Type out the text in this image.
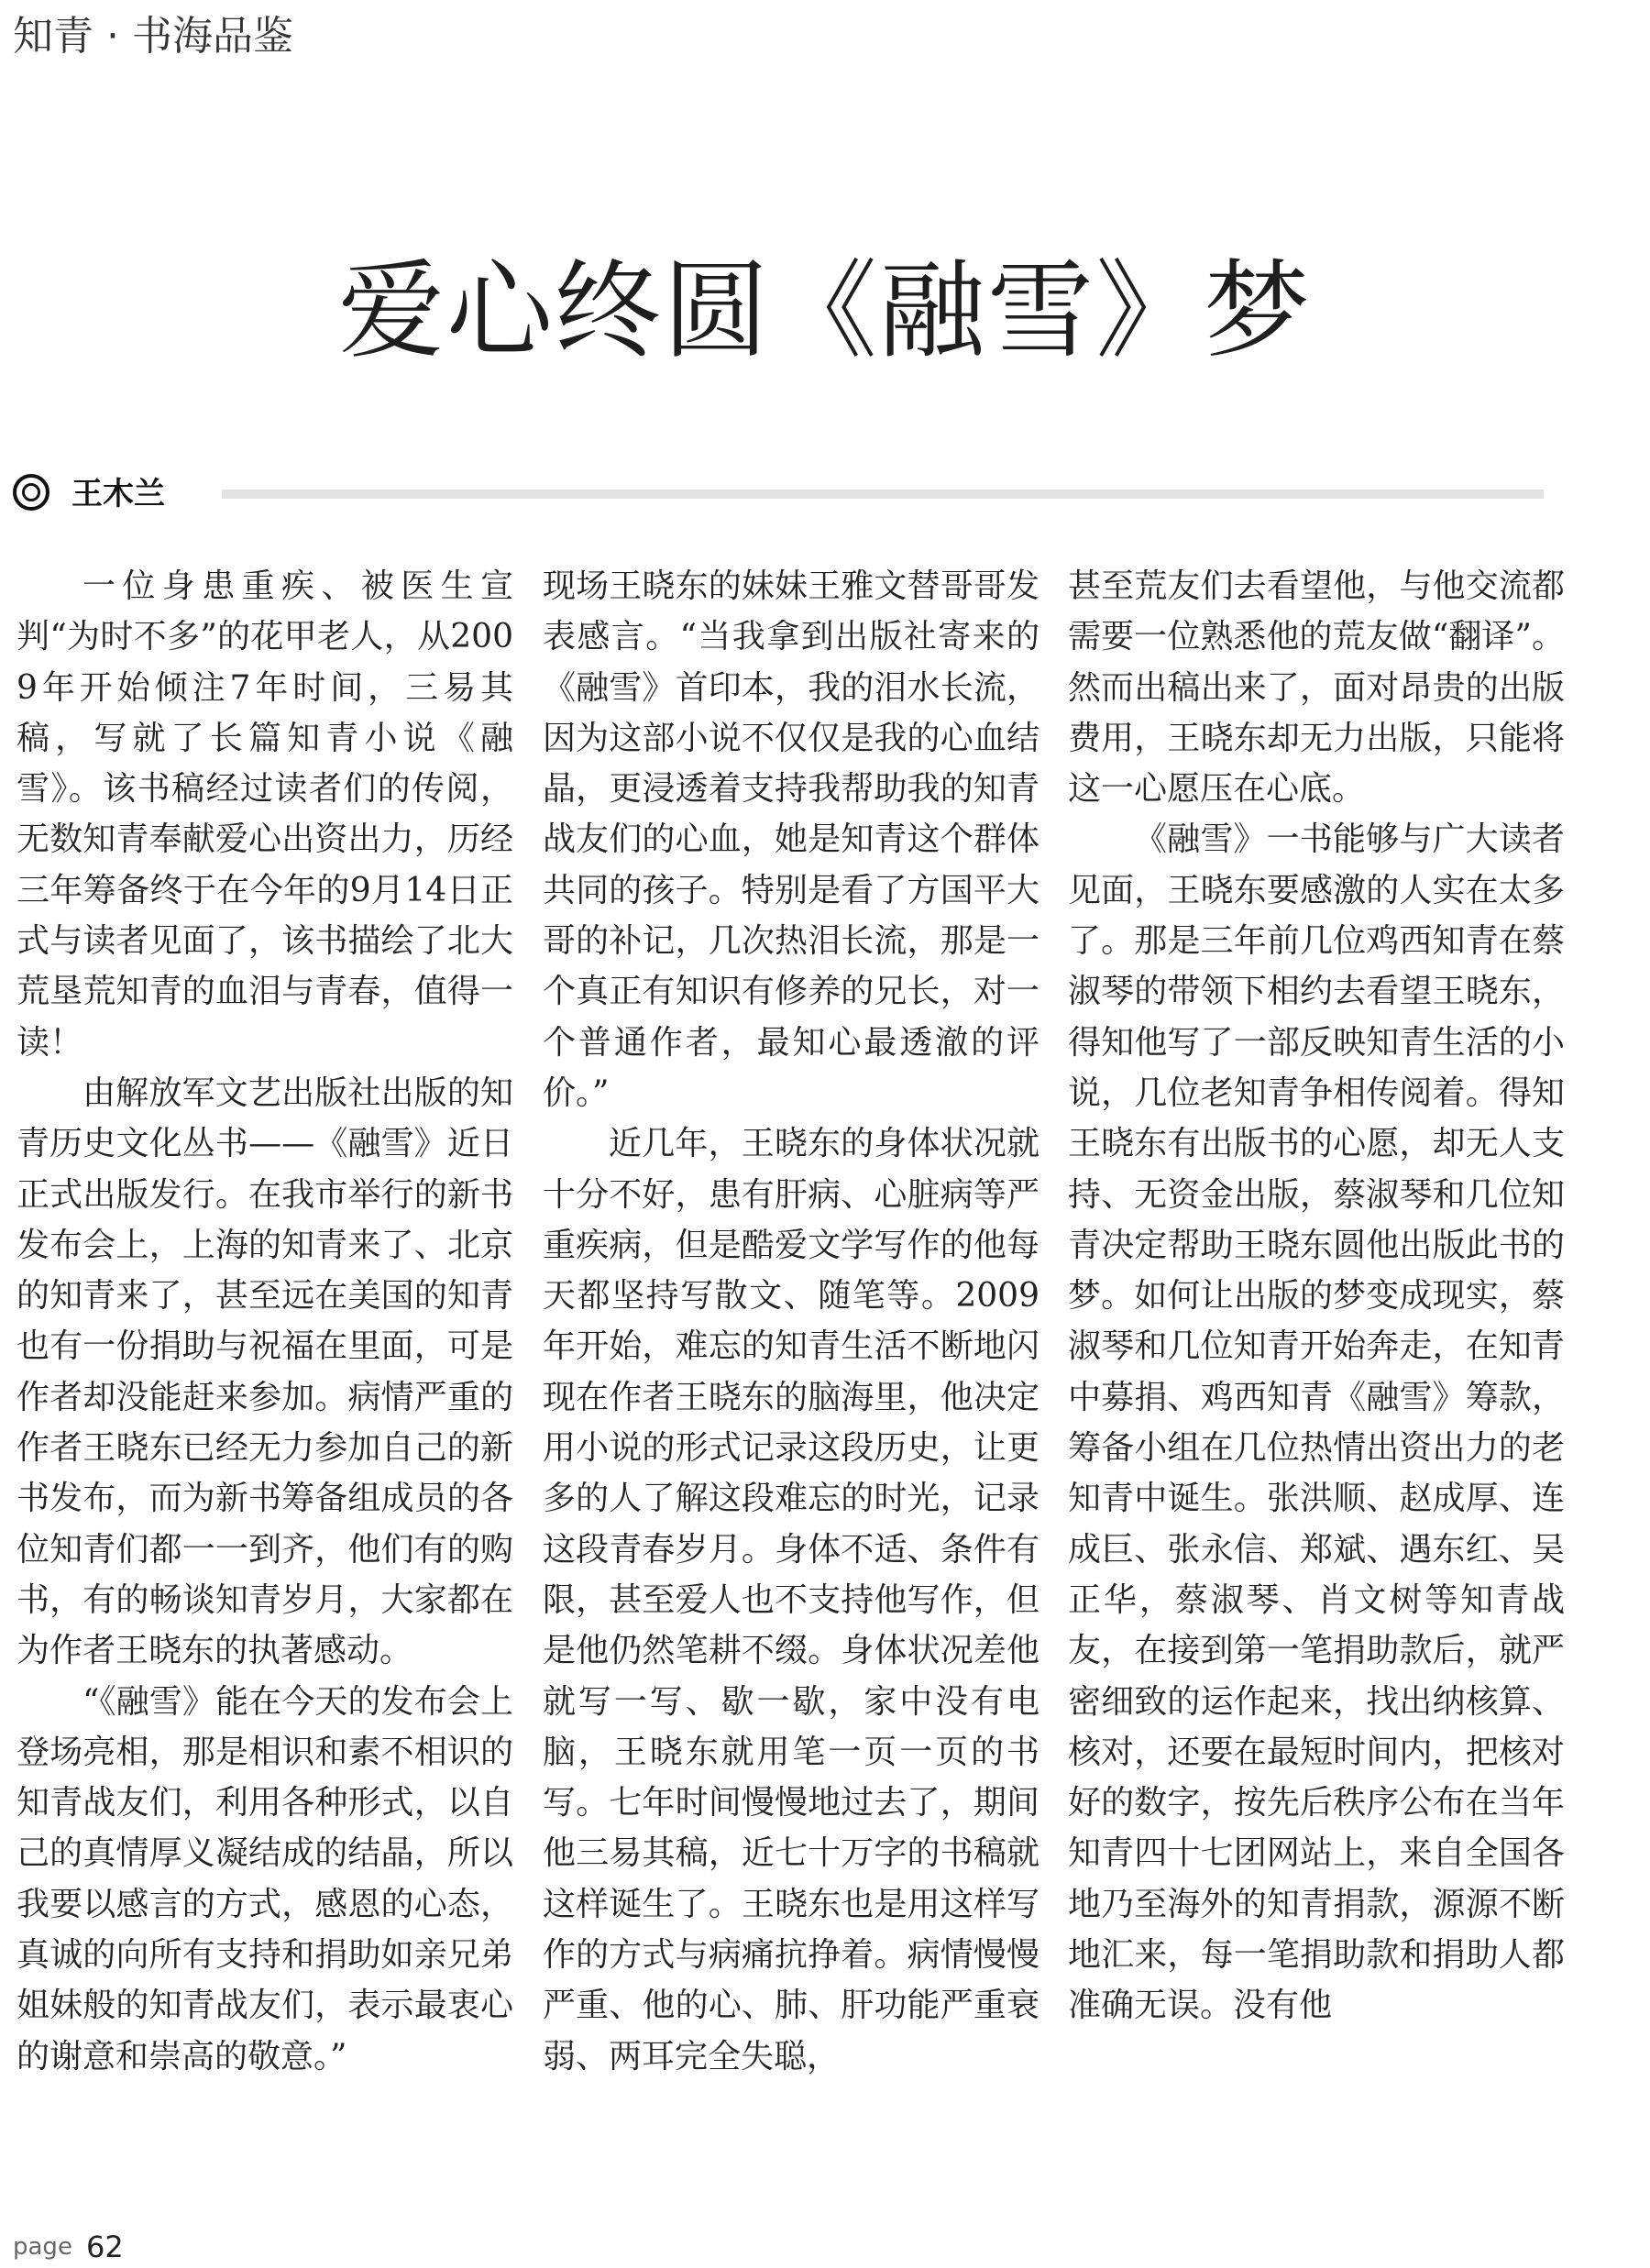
知青 · 书海品鉴
爱心终圆《融雪》梦
王木兰

一位身患重疾、被医生宣判“为时不多”的花甲老人，从2009年开始倾注7年时间，三易其稿，写就了长篇知青小说《融雪》。该书稿经过读者们的传阅，无数知青奉献爱心出资出力，历经三年筹备终于在今年的9月14日正式与读者见面了，该书描绘了北大荒垦荒知青的血泪与青春，值得一读！

由解放军文艺出版社出版的知青历史文化丛书——《融雪》近日正式出版发行。在我市举行的新书发布会上，上海的知青来了、北京的知青来了，甚至远在美国的知青也有一份捐助与祝福在里面，可是作者却没能赶来参加。病情严重的作者王晓东已经无力参加自己的新书发布，而为新书筹备组成员的各位知青们都一一到齐，他们有的购书，有的畅谈知青岁月，大家都在为作者王晓东的执著感动。

“《融雪》能在今天的发布会上登场亮相，那是相识和素不相识的知青战友们，利用各种形式，以自己的真情厚义凝结成的结晶，所以我要以感言的方式，感恩的心态，真诚的向所有支持和捐助如亲兄弟姐妹般的知青战友们，表示最衷心的谢意和崇高的敬意。”

现场王晓东的妹妹王雅文替哥哥发表感言。“当我拿到出版社寄来的《融雪》首印本，我的泪水长流，因为这部小说不仅仅是我的心血结晶，更浸透着支持我帮助我的知青战友们的心血，她是知青这个群体共同的孩子。特别是看了方国平大哥的补记，几次热泪长流，那是一个真正有知识有修养的兄长，对一个普通作者，最知心最透澈的评价。”

近几年，王晓东的身体状况就十分不好，患有肝病、心脏病等严重疾病，但是酷爱文学写作的他每天都坚持写散文、随笔等。2009年开始，难忘的知青生活不断地闪现在作者王晓东的脑海里，他决定用小说的形式记录这段历史，让更多的人了解这段难忘的时光，记录这段青春岁月。身体不适、条件有限，甚至爱人也不支持他写作，但是他仍然笔耕不缀。身体状况差他就写一写、歇一歇，家中没有电脑，王晓东就用笔一页一页的书写。七年时间慢慢地过去了，期间他三易其稿，近七十万字的书稿就这样诞生了。王晓东也是用这样写作的方式与病痛抗挣着。病情慢慢严重、他的心、肺、肝功能严重衰弱、两耳完全失聪，

甚至荒友们去看望他，与他交流都需要一位熟悉他的荒友做“翻译”。然而出稿出来了，面对昂贵的出版费用，王晓东却无力出版，只能将这一心愿压在心底。

《融雪》一书能够与广大读者见面，王晓东要感激的人实在太多了。那是三年前几位鸡西知青在蔡淑琴的带领下相约去看望王晓东，得知他写了一部反映知青生活的小说，几位老知青争相传阅着。得知王晓东有出版书的心愿，却无人支持、无资金出版，蔡淑琴和几位知青决定帮助王晓东圆他出版此书的梦。如何让出版的梦变成现实，蔡淑琴和几位知青开始奔走，在知青中募捐、鸡西知青《融雪》筹款，筹备小组在几位热情出资出力的老知青中诞生。张洪顺、赵成厚、连成巨、张永信、郑斌、遇东红、吴正华，蔡淑琴、肖文树等知青战友，在接到第一笔捐助款后，就严密细致的运作起来，找出纳核算、核对，还要在最短时间内，把核对好的数字，按先后秩序公布在当年知青四十七团网站上，来自全国各地乃至海外的知青捐款，源源不断地汇来，每一笔捐助款和捐助人都准确无误。没有他

page 62
